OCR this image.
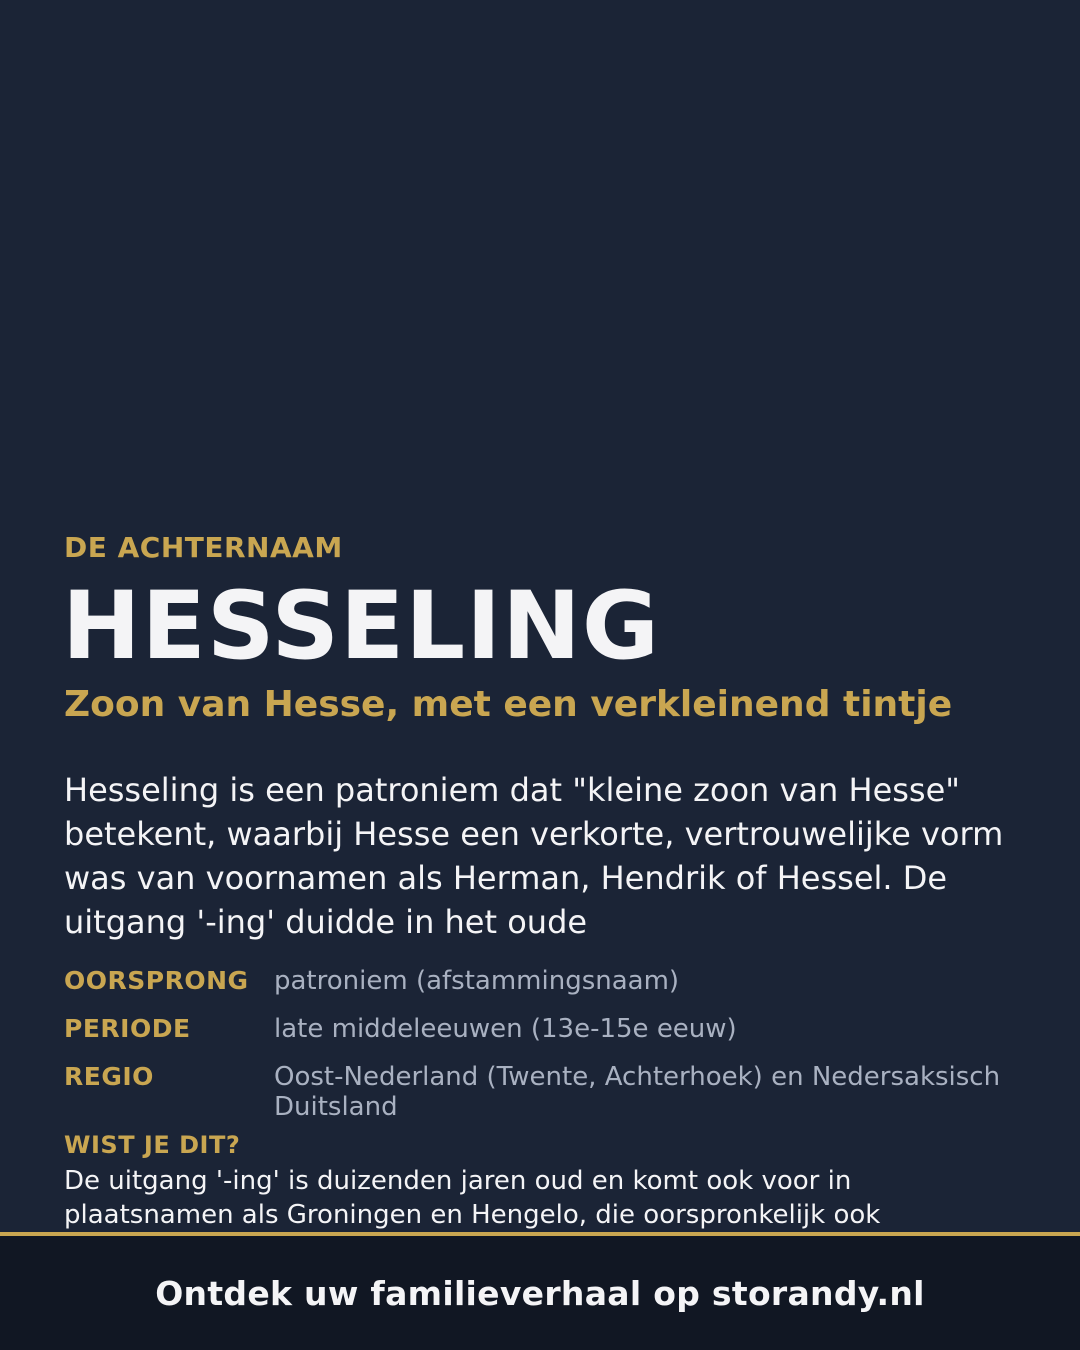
DE ACHTERNAAM
HESSELING
Zoon van Hesse, met een verkleinend tintje
Hesseling is een patroniem dat "kleine zoon van Hesse" betekent, waarbij Hesse een verkorte, vertrouwelijke vorm was van voornamen als Herman, Hendrik of Hessel. De uitgang '-ing' duidde in het oude
OORSPRONG patroniem (afstammingsnaam)
PERIODE	late middeleeuwen (13e-15e eeuw)
REGIO	Oost-Nederland (Twente, Achterhoek) en Nedersaksisch Duitsland
WIST JE DIT?
De uitgang '-ing' is duizenden jaren oud en komt ook voor in plaatsnamen als Groningen en Hengelo, die oorspronkelijk ook
Ontdek uw familieverhaal op storandy.nl
